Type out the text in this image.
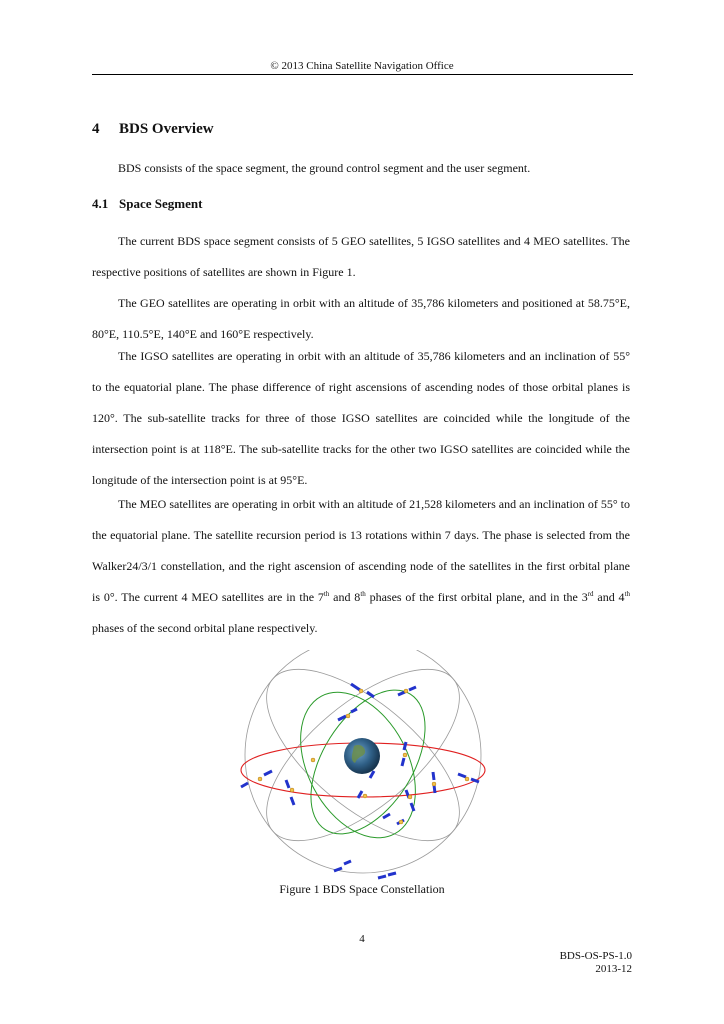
© 2013 China Satellite Navigation Office
4 BDS Overview

BDS consists of the space segment, the ground control segment and the user segment.

4.1 Space Segment

The current BDS space segment consists of 5 GEO satellites, 5 IGSO satellites and 4 MEO satellites. The respective positions of satellites are shown in Figure 1.

The GEO satellites are operating in orbit with an altitude of 35,786 kilometers and positioned at 58.75°E, 80°E, 110.5°E, 140°E and 160°E respectively.

The IGSO satellites are operating in orbit with an altitude of 35,786 kilometers and an inclination of 55° to the equatorial plane. The phase difference of right ascensions of ascending nodes of those orbital planes is 120°. The sub-satellite tracks for three of those IGSO satellites are coincided while the longitude of the intersection point is at 118°E. The sub-satellite tracks for the other two IGSO satellites are coincided while the longitude of the intersection point is at 95°E.

The MEO satellites are operating in orbit with an altitude of 21,528 kilometers and an inclination of 55° to the equatorial plane. The satellite recursion period is 13 rotations within 7 days. The phase is selected from the Walker24/3/1 constellation, and the right ascension of ascending node of the satellites in the first orbital plane is 0°. The current 4 MEO satellites are in the 7th and 8th phases of the first orbital plane, and in the 3rd and 4th phases of the second orbital plane respectively.

Figure 1 BDS Space Constellation
4
BDS-OS-PS-1.0
2013-12
